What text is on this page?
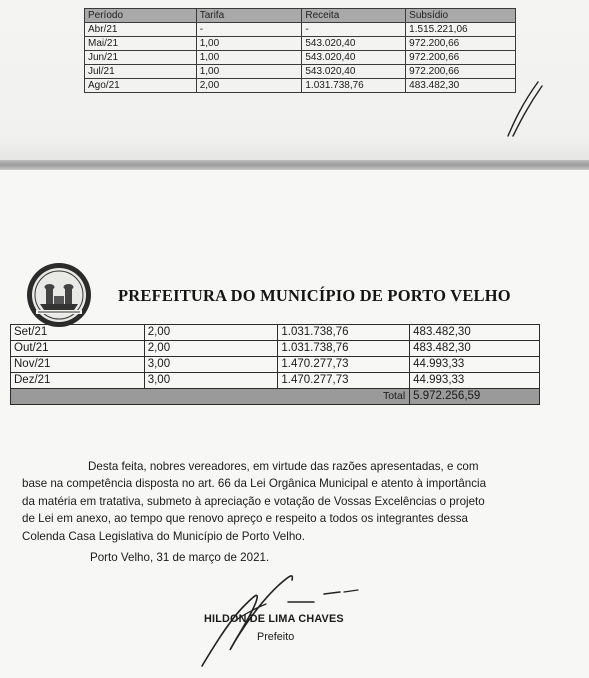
Período	Tarifa	Receita	Subsídio
Abr/21	-	-	1.515.221,06
Mai/21	1,00	543.020,40	972.200,66
Jun/21	1,00	543.020,40	972.200,66
Jul/21	1,00	543.020,40	972.200,66
Ago/21	2,00	1.031.738,76	483.482,30
PREFEITURA DO MUNICÍPIO DE PORTO VELHO
Set/21	2,00	1.031.738,76	483.482,30
Out/21	2,00	1.031.738,76	483.482,30
Nov/21	3,00	1.470.277,73	44.993,33
Dez/21	3,00	1.470.277,73	44.993,33
Total			5.972.256,59
Desta feita, nobres vereadores, em virtude das razões apresentadas, e com
base na competência disposta no art. 66 da Lei Orgânica Municipal e atento à importância
da matéria em tratativa, submeto à apreciação e votação de Vossas Excelências o projeto
de Lei em anexo, ao tempo que renovo apreço e respeito a todos os integrantes dessa
Colenda Casa Legislativa do Município de Porto Velho.
Porto Velho, 31 de março de 2021.
HILDON DE LIMA CHAVES
Prefeito
